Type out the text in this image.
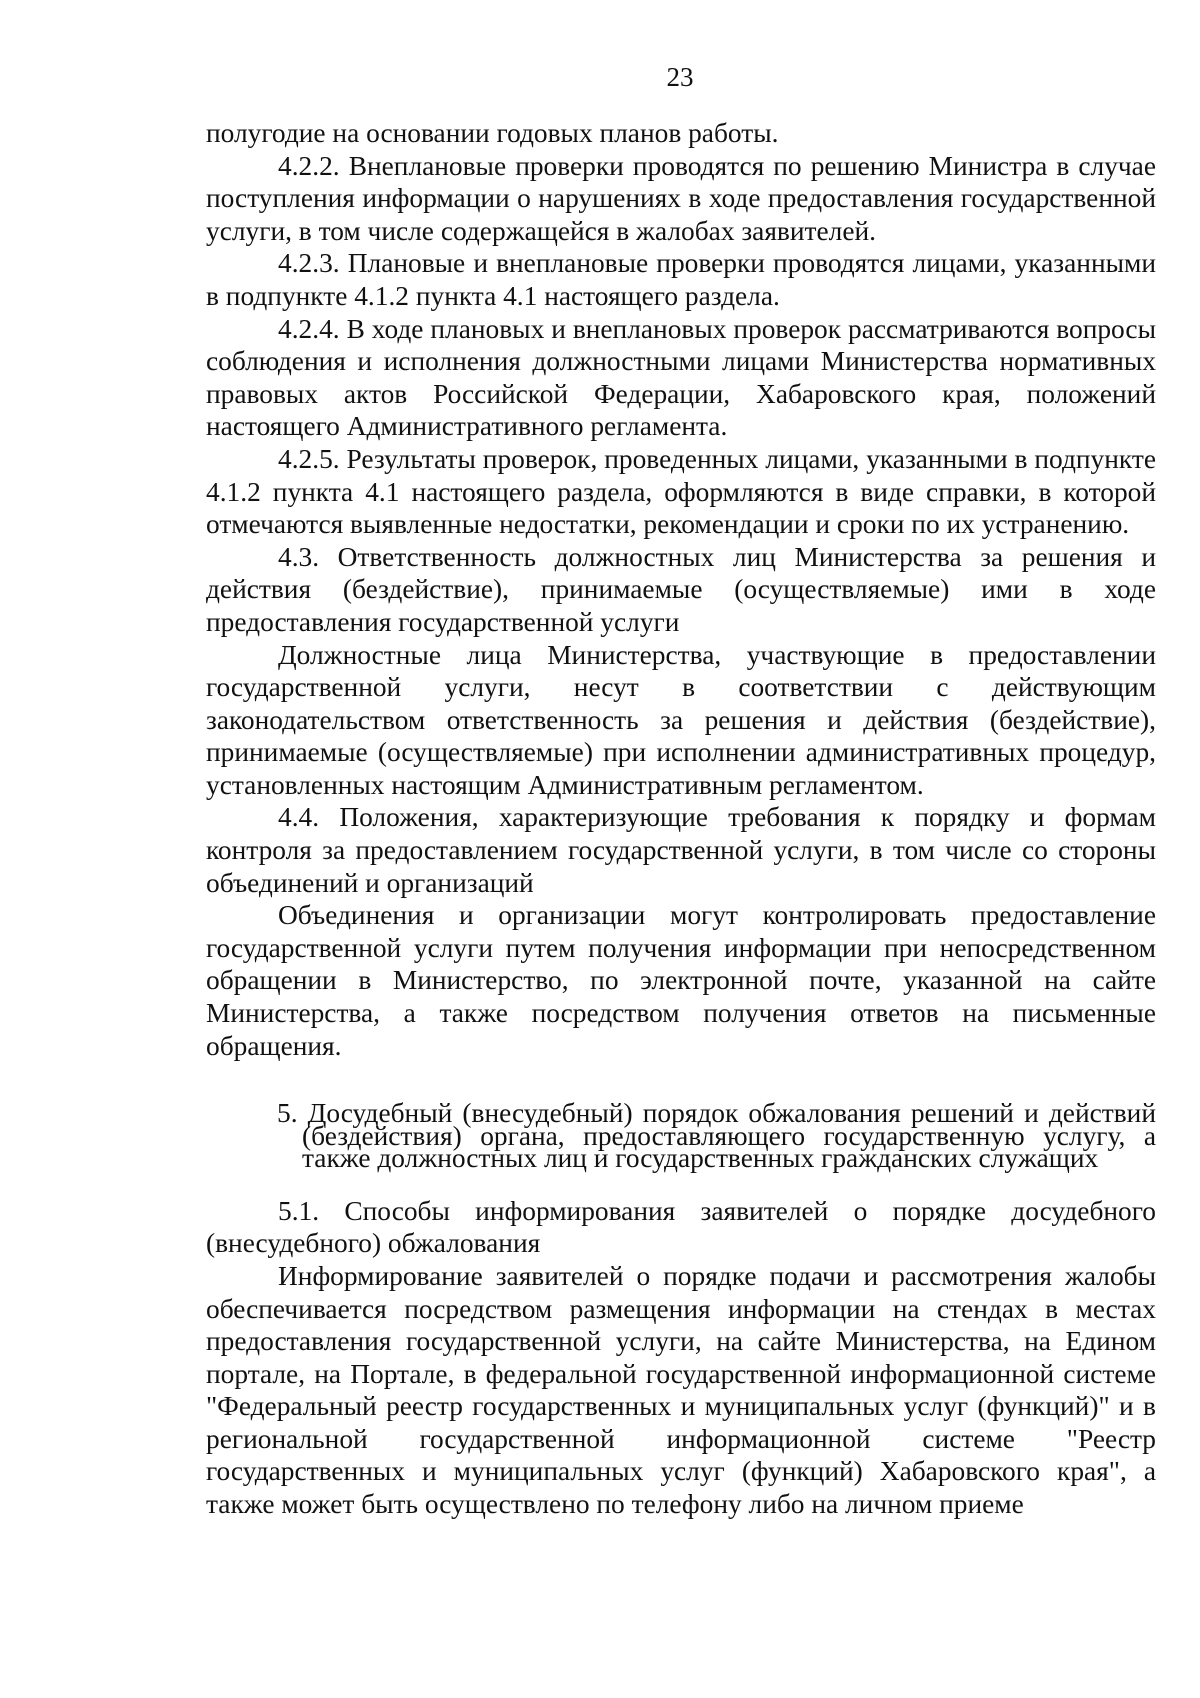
23

полугодие на основании годовых планов работы.

4.2.2. Внеплановые проверки проводятся по решению Министра в случае поступления информации о нарушениях в ходе предоставления государственной услуги, в том числе содержащейся в жалобах заявителей.

4.2.3. Плановые и внеплановые проверки проводятся лицами, указанными в подпункте 4.1.2 пункта 4.1 настоящего раздела.

4.2.4. В ходе плановых и внеплановых проверок рассматриваются вопросы соблюдения и исполнения должностными лицами Министерства нормативных правовых актов Российской Федерации, Хабаровского края, положений настоящего Административного регламента.

4.2.5. Результаты проверок, проведенных лицами, указанными в подпункте 4.1.2 пункта 4.1 настоящего раздела, оформляются в виде справки, в которой отмечаются выявленные недостатки, рекомендации и сроки по их устранению.

4.3. Ответственность должностных лиц Министерства за решения и действия (бездействие), принимаемые (осуществляемые) ими в ходе предоставления государственной услуги

Должностные лица Министерства, участвующие в предоставлении государственной услуги, несут в соответствии с действующим законодательством ответственность за решения и действия (бездействие), принимаемые (осуществляемые) при исполнении административных процедур, установленных настоящим Административным регламентом.

4.4. Положения, характеризующие требования к порядку и формам контроля за предоставлением государственной услуги, в том числе со стороны объединений и организаций

Объединения и организации могут контролировать предоставление государственной услуги путем получения информации при непосредственном обращении в Министерство, по электронной почте, указанной на сайте Министерства, а также посредством получения ответов на письменные обращения.

5. Досудебный (внесудебный) порядок обжалования решений и действий (бездействия) органа, предоставляющего государственную услугу, а также должностных лиц и государственных гражданских служащих

5.1. Способы информирования заявителей о порядке досудебного (внесудебного) обжалования

Информирование заявителей о порядке подачи и рассмотрения жалобы обеспечивается посредством размещения информации на стендах в местах предоставления государственной услуги, на сайте Министерства, на Едином портале, на Портале, в федеральной государственной информационной системе "Федеральный реестр государственных и муниципальных услуг (функций)" и в региональной государственной информационной системе "Реестр государственных и муниципальных услуг (функций) Хабаровского края", а также может быть осуществлено по телефону либо на личном приеме
